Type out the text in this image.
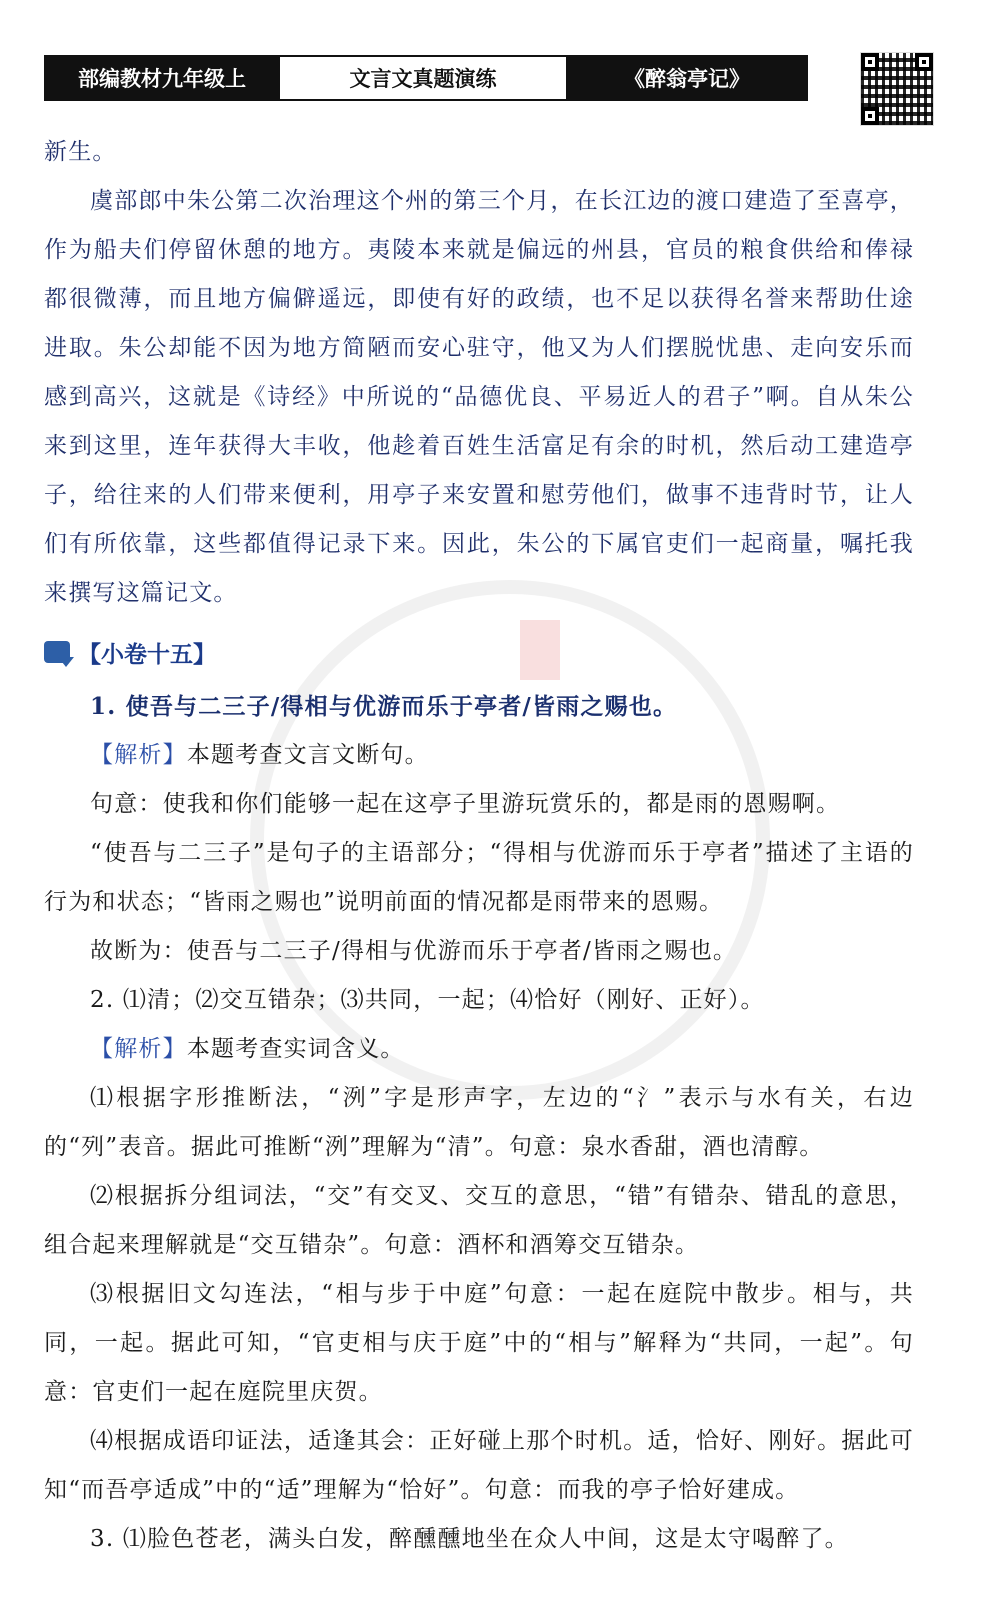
部编教材九年级上	文言文真题演练	《醉翁亭记》

新生。

虞部郎中朱公第二次治理这个州的第三个月，在长江边的渡口建造了至喜亭，作为船夫们停留休憩的地方。夷陵本来就是偏远的州县，官员的粮食供给和俸禄都很微薄，而且地方偏僻遥远，即使有好的政绩，也不足以获得名誉来帮助仕途进取。朱公却能不因为地方简陋而安心驻守，他又为人们摆脱忧患、走向安乐而感到高兴，这就是《诗经》中所说的“品德优良、平易近人的君子”啊。自从朱公来到这里，连年获得大丰收，他趁着百姓生活富足有余的时机，然后动工建造亭子，给往来的人们带来便利，用亭子来安置和慰劳他们，做事不违背时节，让人们有所依靠，这些都值得记录下来。因此，朱公的下属官吏们一起商量，嘱托我来撰写这篇记文。

【小卷十五】

1. 使吾与二三子/得相与优游而乐于亭者/皆雨之赐也。

【解析】本题考查文言文断句。

句意：使我和你们能够一起在这亭子里游玩赏乐的，都是雨的恩赐啊。

“使吾与二三子”是句子的主语部分；“得相与优游而乐于亭者”描述了主语的行为和状态；“皆雨之赐也”说明前面的情况都是雨带来的恩赐。

故断为：使吾与二三子/得相与优游而乐于亭者/皆雨之赐也。

2. ⑴清；⑵交互错杂；⑶共同，一起；⑷恰好（刚好、正好）。

【解析】本题考查实词含义。

⑴根据字形推断法，“洌”字是形声字，左边的“氵”表示与水有关，右边的“列”表音。据此可推断“洌”理解为“清”。句意：泉水香甜，酒也清醇。

⑵根据拆分组词法，“交”有交叉、交互的意思，“错”有错杂、错乱的意思，组合起来理解就是“交互错杂”。句意：酒杯和酒筹交互错杂。

⑶根据旧文勾连法，“相与步于中庭”句意：一起在庭院中散步。相与，共同，一起。据此可知，“官吏相与庆于庭”中的“相与”解释为“共同，一起”。句意：官吏们一起在庭院里庆贺。

⑷根据成语印证法，适逢其会：正好碰上那个时机。适，恰好、刚好。据此可知“而吾亭适成”中的“适”理解为“恰好”。句意：而我的亭子恰好建成。

3. ⑴脸色苍老，满头白发，醉醺醺地坐在众人中间，这是太守喝醉了。
